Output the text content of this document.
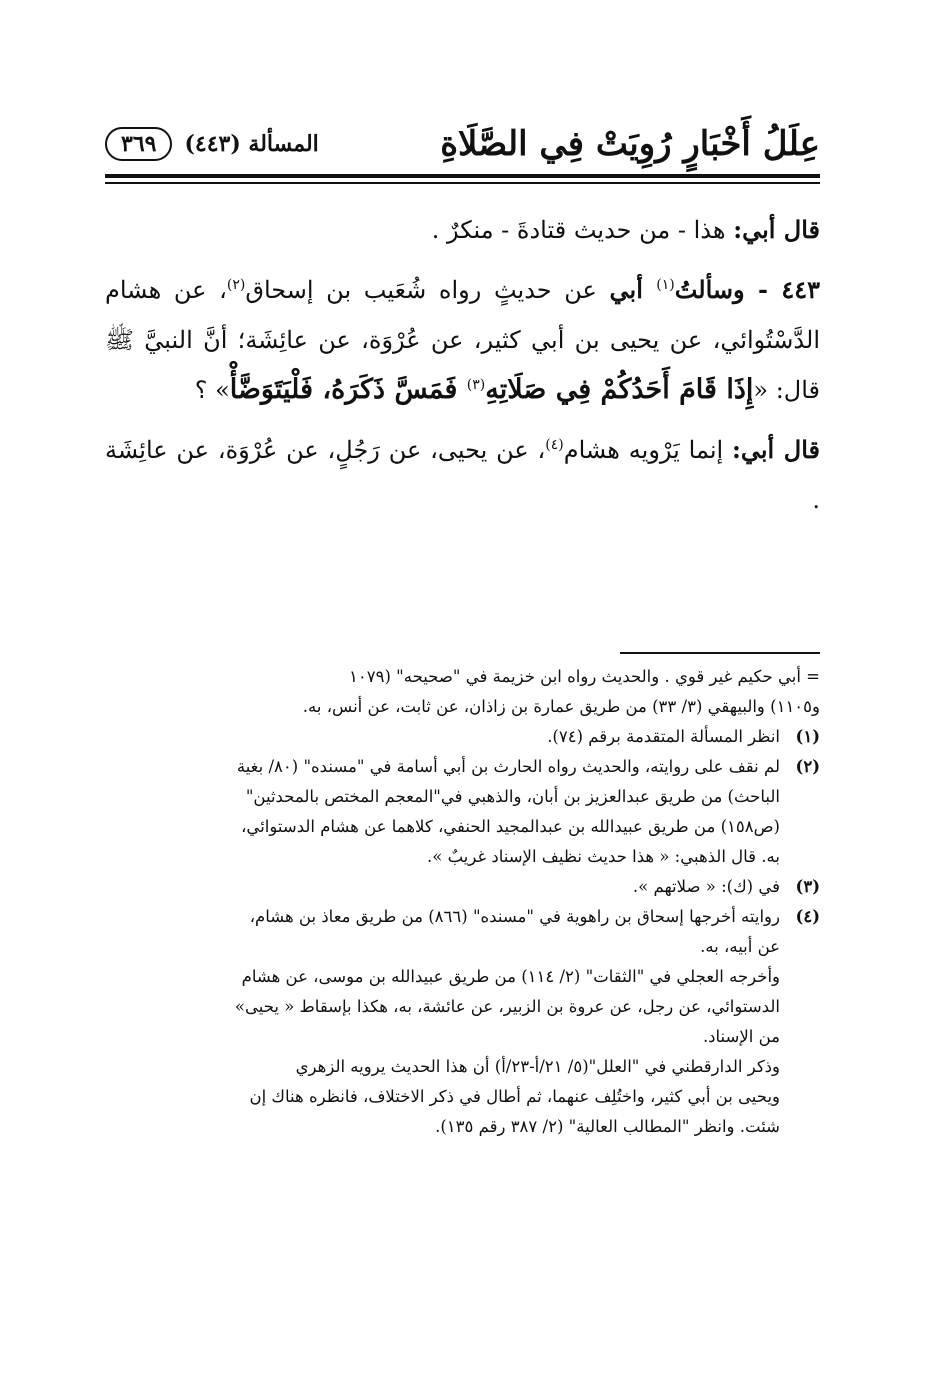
عِلَلُ أَخْبَارٍ رُوِيَتْ فِي الصَّلَاةِ
المسألة (٤٤٣)
٣٦٩

قال أبي: هذا - من حديث قتادةَ - منكرٌ .

٤٤٣ - وسألتُ$^{(١)}$ أبي عن حديثٍ رواه شُعَيب بن إسحاق$^{(٢)}$، عن هشام الدَّسْتُوائي، عن يحيى بن أبي كثير، عن عُرْوَة، عن عائِشَة؛ أنَّ النبيَّ ﷺ قال: «إِذَا قَامَ أَحَدُكُمْ فِي صَلَاتِهِ$^{(٣)}$ فَمَسَّ ذَكَرَهُ، فَلْيَتَوَضَّأْ» ؟

قال أبي: إنما يَرْويه هشام$^{(٤)}$، عن يحيى، عن رَجُلٍ، عن عُرْوَة، عن عائِشَة .

= أبي حكيم غير قوي . والحديث رواه ابن خزيمة في "صحيحه" (١٠٧٩

و١١٠٥) والبيهقي (٣/ ٣٣) من طريق عمارة بن زاذان، عن ثابت، عن أنس، به.

(١)

انظر المسألة المتقدمة برقم (٧٤).

(٢)

لم نقف على روايته، والحديث رواه الحارث بن أبي أسامة في "مسنده" (٨٠/ بغية

الباحث) من طريق عبدالعزيز بن أبان، والذهبي في"المعجم المختص بالمحدثين"

(ص١٥٨) من طريق عبيدالله بن عبدالمجيد الحنفي، كلاهما عن هشام الدستوائي،

به. قال الذهبي: « هذا حديث نظيف الإسناد غريبٌ ».

(٣)

في (ك): « صلاتهم ».

(٤)

روايته أخرجها إسحاق بن راهوية في "مسنده" (٨٦٦) من طريق معاذ بن هشام،

عن أبيه، به.

وأخرجه العجلي في "الثقات" (٢/ ١١٤) من طريق عبيدالله بن موسى، عن هشام

الدستوائي، عن رجل، عن عروة بن الزبير، عن عائشة، به، هكذا بإسقاط « يحيى»

من الإسناد.

وذكر الدارقطني في "العلل"(٥/ ٢١/أ-٢٣/أ) أن هذا الحديث يرويه الزهري

ويحيى بن أبي كثير، واختُلِف عنهما، ثم أطال في ذكر الاختلاف، فانظره هناك إن

شئت. وانظر "المطالب العالية" (٢/ ٣٨٧ رقم ١٣٥).
